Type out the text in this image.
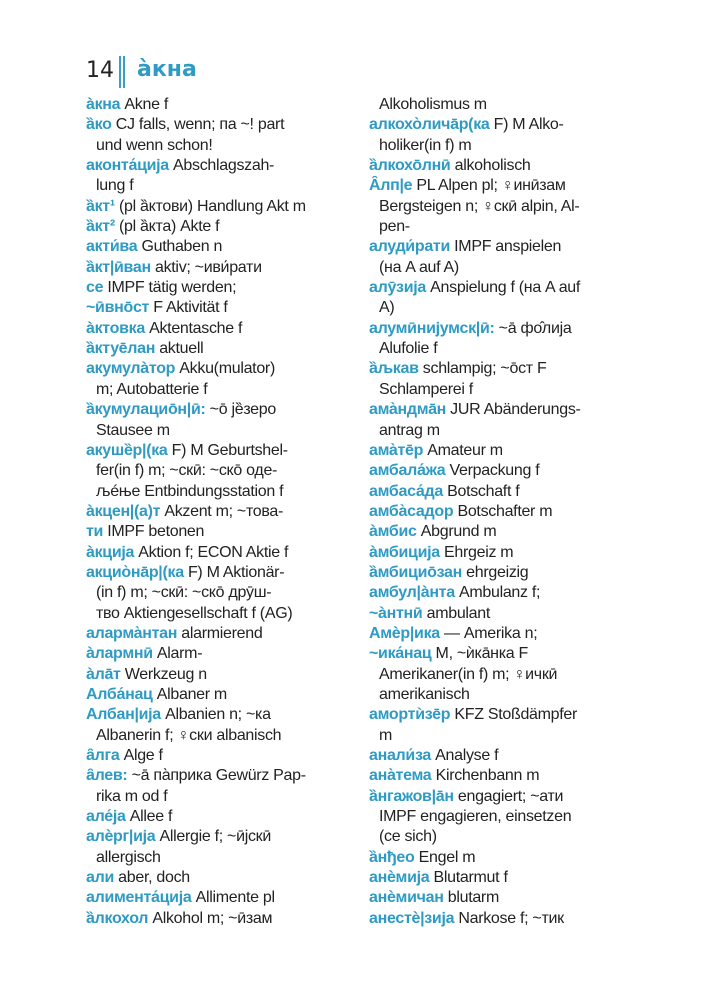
14 àкна
àкна Akne f
ȁко CJ falls, wenn; па ~! part
und wenn schon!
аконта́ција Abschlagszah-
lung f
ȁкт¹ (pl ȁктови) Handlung Akt m
ȁкт² (pl ȁкта) Akte f
акти́ва Guthaben n
ȁкт|ӣван aktiv; ~иви́рати
се IMPF tätig werden;
~ӣвно̄ст F Aktivität f
àктовка Aktentasche f
ȁктуе̄лан aktuell
акумулàтор Akku(mulator)
m; Autobatterie f
ȁкумулацио̄н|ӣ: ~о̄ jȅзеро
Stausee m
акушȅр|(ка F) M Geburtshel-
fer(in f) m; ~скӣ: ~ско̄ оде-
љéње Entbindungsstation f
àкцен|(а)т Akzent m; ~това-
ти IMPF betonen
àкција Aktion f; ECON Aktie f
акцио̀на̄р|(ка F) M Aktionär-
(in f) m; ~скӣ: ~ско̄ дрӯш-
тво Aktiengesellschaft f (AG)
аларма̀нтан alarmierend
àлармнӣ Alarm-
àла̄т Werkzeug n
Алба́нац Albaner m
Албан|ија Albanien n; ~ка
Albanerin f; ♀ски albanisch
ȃлга Alge f
ȃлев: ~а̄ па̀прика Gewürz Pap-
rika m od f
але́ја Allee f
алѐрг|ија Allergie f; ~ӣјскӣ
allergisch
али aber, doch
алимента́ција Allimente pl
ȁлкохол Alkohol m; ~ӣзам
Alkoholismus m
алкохо̀лича̄р(ка F) M Alko-
holiker(in f) m
ȁлкохо̄лнӣ alkoholisch
Ȃлп|е PL Alpen pl; ♀инӣзам
Bergsteigen n; ♀скӣ alpin, Al-
pen-
алуди́рати IMPF anspielen
(на A auf A)
алӯзија Anspielung f (на A auf
A)
алумӣнијумск|ӣ: ~а̄ фо̂лија
Alufolie f
ȁљкав schlampig; ~о̄ст F
Schlamperei f
ама̀ндма̄н JUR Abänderungs-
antrag m
ама̀те̄р Amateur m
амбала́жа Verpackung f
амбаса́да Botschaft f
амба̀садор Botschafter m
àмбис Abgrund m
àмбиција Ehrgeiz m
ȁмбицио̄зан ehrgeizig
амбул|àнта Ambulanz f;
~àнтнӣ ambulant
Амѐр|ика — Amerika n;
~ика́нац M, ~ѝка̄нка F
Amerikaner(in f) m; ♀ичкӣ
amerikanisch
амортѝзе̄р KFZ Stoßdämpfer
m
анали́за Analyse f
ана̀тема Kirchenbann m
ȁнгажов|а̄н engagiert; ~ати
IMPF engagieren, einsetzen
(се sich)
ȁнђео Engel m
анѐмија Blutarmut f
анѐмичан blutarm
анестѐ|зија Narkose f; ~тик
